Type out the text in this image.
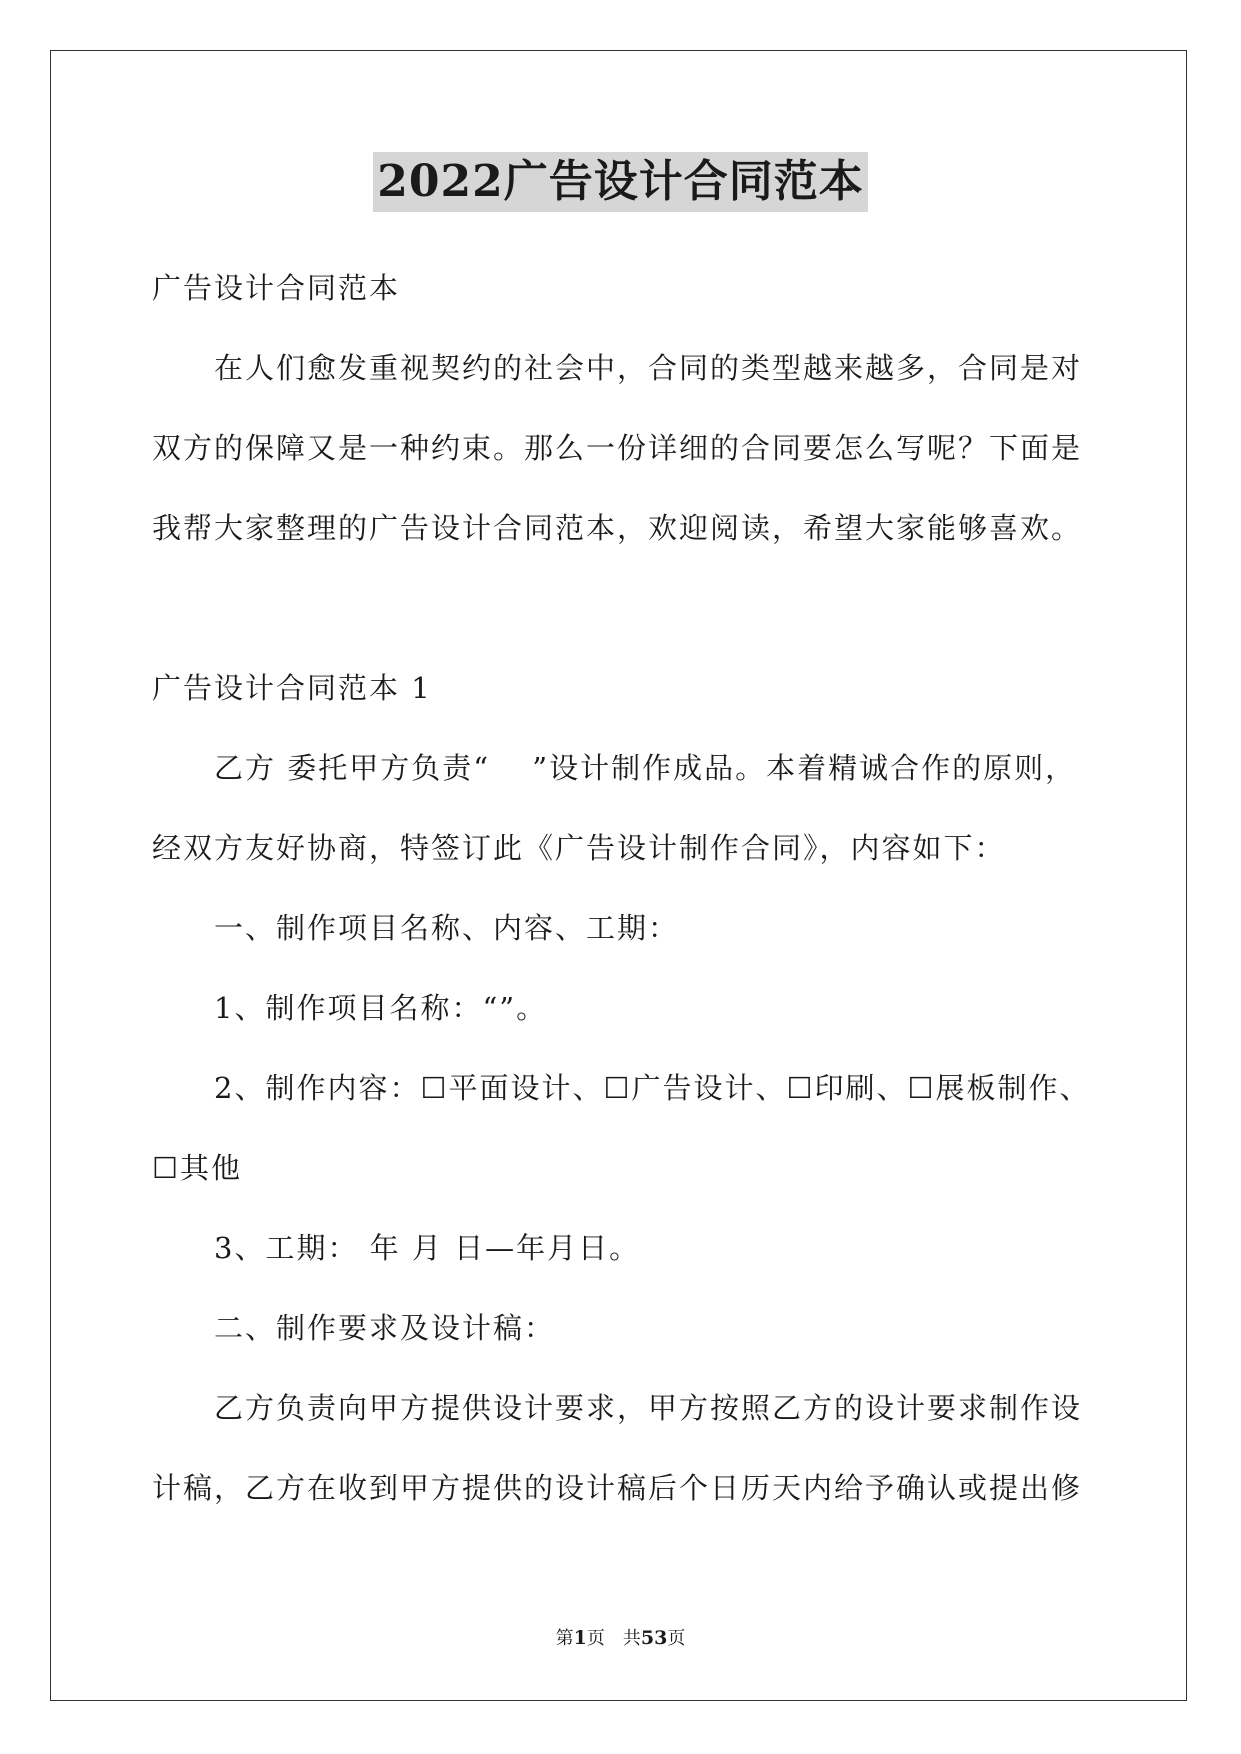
2022广告设计合同范本
广告设计合同范本
在人们愈发重视契约的社会中，合同的类型越来越多，合同是对
双方的保障又是一种约束。那么一份详细的合同要怎么写呢？下面是
我帮大家整理的广告设计合同范本，欢迎阅读，希望大家能够喜欢。
广告设计合同范本 1
乙方 委托甲方负责“　 ”设计制作成品。本着精诚合作的原则，
经双方友好协商，特签订此《广告设计制作合同》，内容如下：
一、制作项目名称、内容、工期：
1、制作项目名称：“”。
2、制作内容：☐平面设计、☐广告设计、☐印刷、☐展板制作、
☐其他
3、工期： 年 月 日—年月日。
二、制作要求及设计稿：
乙方负责向甲方提供设计要求，甲方按照乙方的设计要求制作设
计稿，乙方在收到甲方提供的设计稿后个日历天内给予确认或提出修
第1页　共53页
